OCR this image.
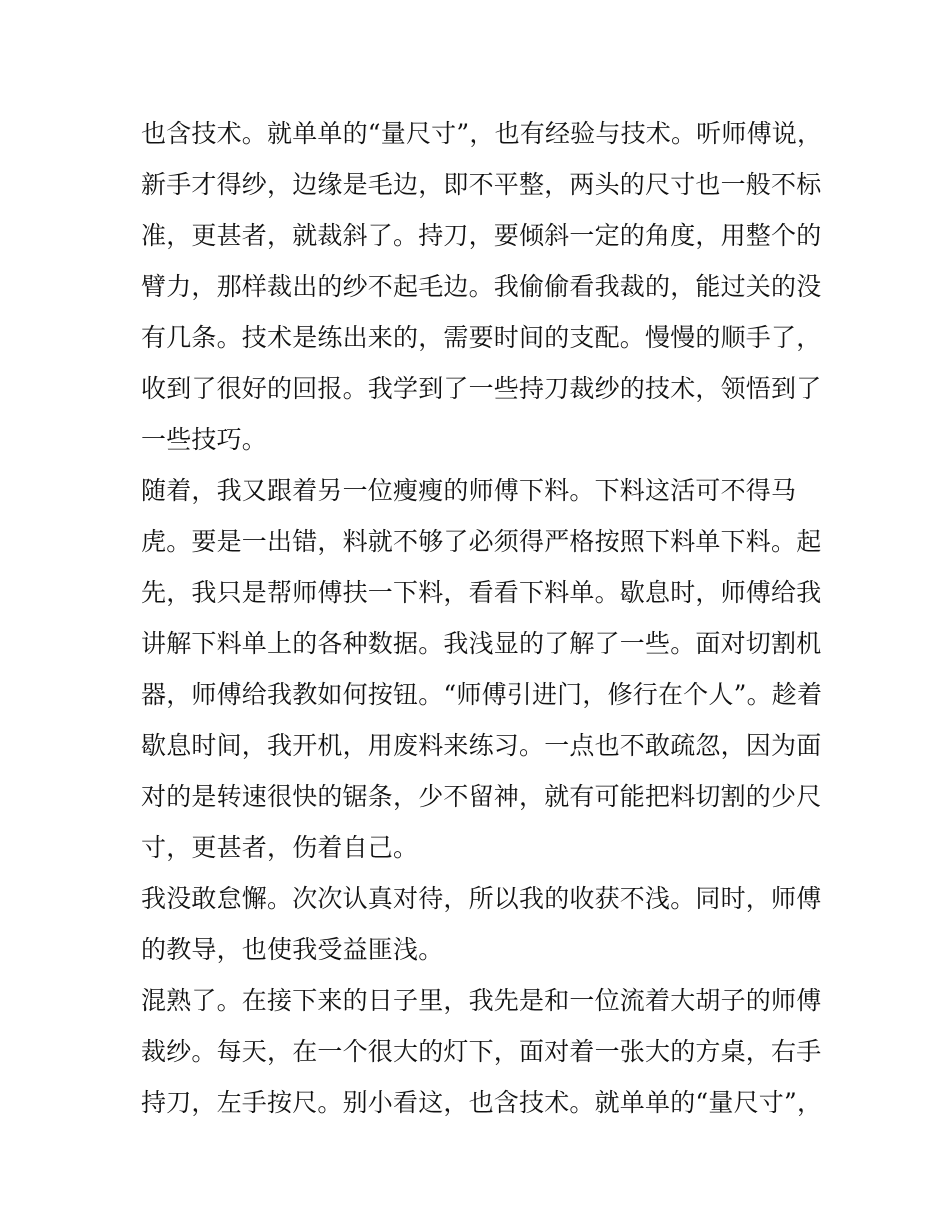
也含技术。就单单的“量尺寸”，也有经验与技术。听师傅说，
新手才得纱，边缘是毛边，即不平整，两头的尺寸也一般不标
准，更甚者，就裁斜了。持刀，要倾斜一定的角度，用整个的
臂力，那样裁出的纱不起毛边。我偷偷看我裁的，能过关的没
有几条。技术是练出来的，需要时间的支配。慢慢的顺手了，
收到了很好的回报。我学到了一些持刀裁纱的技术，领悟到了
一些技巧。
随着，我又跟着另一位瘦瘦的师傅下料。下料这活可不得马
虎。要是一出错，料就不够了必须得严格按照下料单下料。起
先，我只是帮师傅扶一下料，看看下料单。歇息时，师傅给我
讲解下料单上的各种数据。我浅显的了解了一些。面对切割机
器，师傅给我教如何按钮。“师傅引进门，修行在个人”。趁着
歇息时间，我开机，用废料来练习。一点也不敢疏忽，因为面
对的是转速很快的锯条，少不留神，就有可能把料切割的少尺
寸，更甚者，伤着自己。
我没敢怠懈。次次认真对待，所以我的收获不浅。同时，师傅
的教导，也使我受益匪浅。
混熟了。在接下来的日子里，我先是和一位流着大胡子的师傅
裁纱。每天，在一个很大的灯下，面对着一张大的方桌，右手
持刀，左手按尺。别小看这，也含技术。就单单的“量尺寸”，
